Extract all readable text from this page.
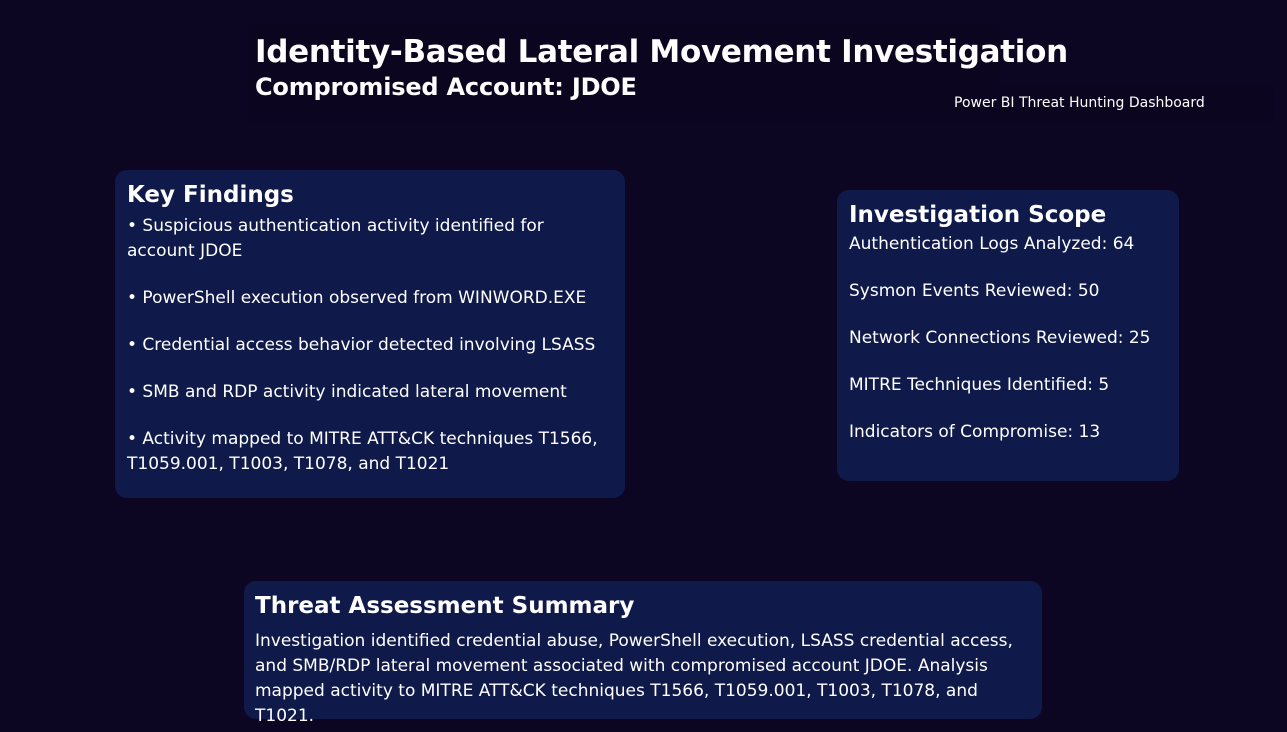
Identity-Based Lateral Movement Investigation
Compromised Account: JDOE
Power BI Threat Hunting Dashboard
Key Findings
• Suspicious authentication activity identified for account JDOE
• PowerShell execution observed from WINWORD.EXE
• Credential access behavior detected involving LSASS
• SMB and RDP activity indicated lateral movement
• Activity mapped to MITRE ATT&CK techniques T1566, T1059.001, T1003, T1078, and T1021
Investigation Scope
Authentication Logs Analyzed: 64
Sysmon Events Reviewed: 50
Network Connections Reviewed: 25
MITRE Techniques Identified: 5
Indicators of Compromise: 13
Threat Assessment Summary

Investigation identified credential abuse, PowerShell execution, LSASS credential access, and SMB/RDP lateral movement associated with compromised account JDOE. Analysis mapped activity to MITRE ATT&CK techniques T1566, T1059.001, T1003, T1078, and T1021.
